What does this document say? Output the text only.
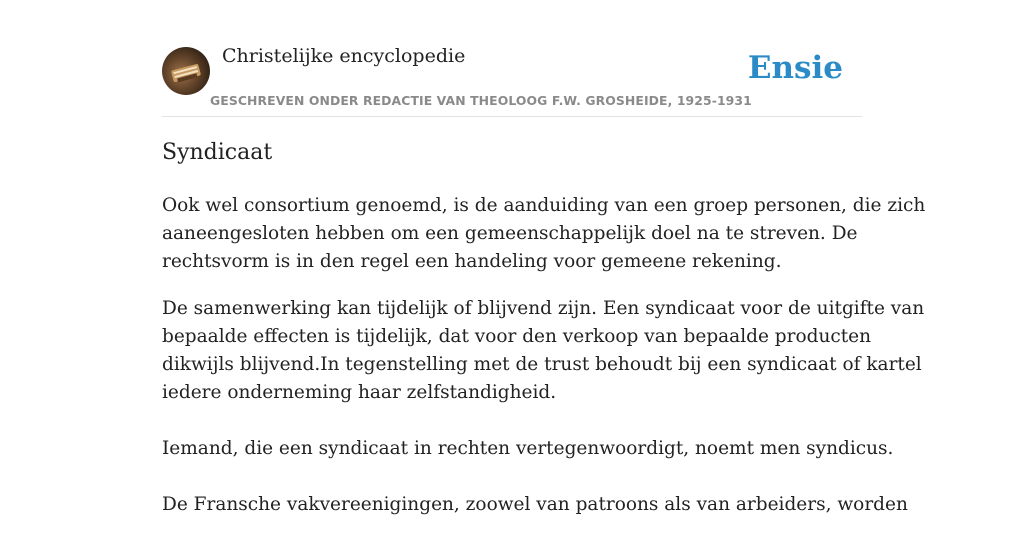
Christelijke encyclopedie
GESCHREVEN ONDER REDACTIE VAN THEOLOOG F.W. GROSHEIDE, 1925-1931
Ensie
Syndicaat

Ook wel consortium genoemd, is de aanduiding van een groep personen, die zich
aaneengesloten hebben om een gemeenschappelijk doel na te streven. De
rechtsvorm is in den regel een handeling voor gemeene rekening.

De samenwerking kan tijdelijk of blijvend zijn. Een syndicaat voor de uitgifte van
bepaalde effecten is tijdelijk, dat voor den verkoop van bepaalde producten
dikwijls blijvend.In tegenstelling met de trust behoudt bij een syndicaat of kartel
iedere onderneming haar zelfstandigheid.
Iemand, die een syndicaat in rechten vertegenwoordigt, noemt men syndicus.
De Fransche vakvereenigingen, zoowel van patroons als van arbeiders, worden
